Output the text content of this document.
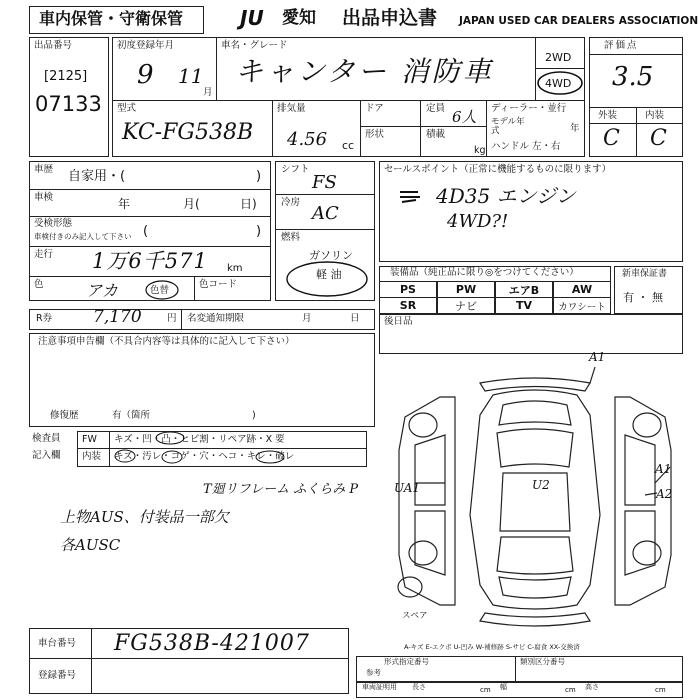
車内保管・守衛保管	JU 愛知 出品申込書 JAPAN USED CAR DEALERS ASSOCIATION
出品番号
[2125]
07133
初度登録年月
9 11
月
車名・グレード
キャンター 消防車	2WD
4WD
型式
KC-FG538B
排気量
4.56 cc
ドア
形状
定員 6人
積載
kg
ディーラー・並行
モデル年式	年
ハンドル 左・右
評価点
3.5
外装	内装
C C
車歴 自家用・(	)
車検	年	月(	日)
受検形態
車検付きのみ記入して下さい (	)
走行 1万6千571 km
色	アカ	色替
色コード
シフト
FS
冷房
AC
燃料
ガソリン
軽 油
セールスポイント（正常に機能するものに限ります）
4D35 エンジン
4WD?!
装備品（純正品に限り◎をつけてください）
PS	PW	エアB	AW
SR	ナビ	TV	カワシート
新車保証書
有 ・ 無
R券 7,170	円 名変通知期限	月	日	後日品
注意事項申告欄（不具合内容等は具体的に記入して下さい）
修復歴	有（箇所	)
検査員
記入欄
FW キズ・凹・凸・ヒビ割・リペア跡・X 要
内装 キズ・汚レ・コゲ・穴・ヘコ・キレ・破レ
T廻リフレーム ふくらみ P
上物AUS、付装品一部欠
各AUSC
A1
U2
UA1
A1
A2
スペア
A-キズ E-エクボ U-凹み W-補修跡 S-サビ C-腐食 XX-交換済
形式指定番号
参考
類別区分番号
車台番号 FG538B-421007
登録番号
車両証明用 長さ	cm 幅	cm 高さ	cm
